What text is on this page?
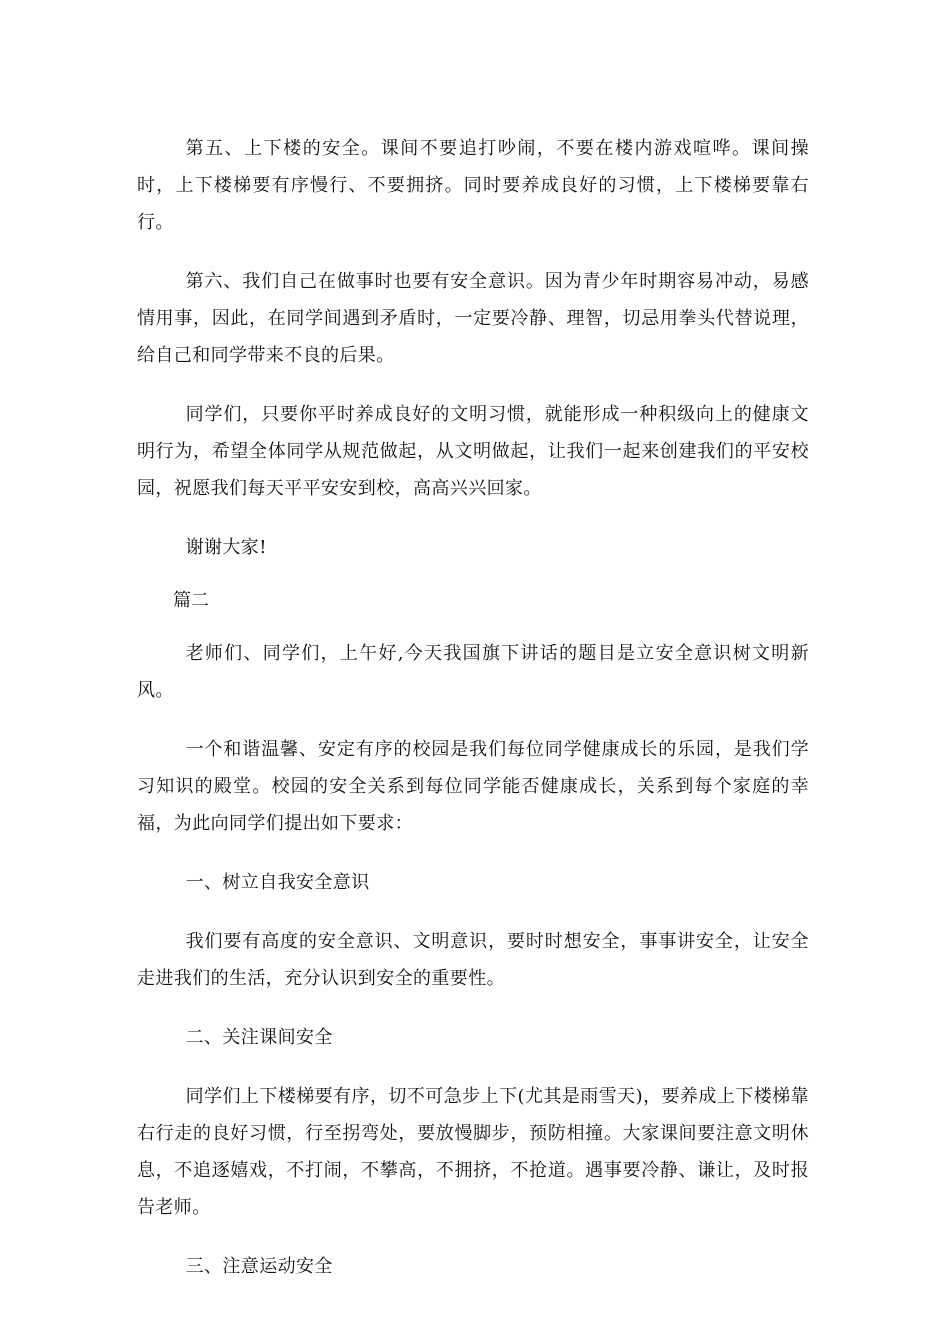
第五、上下楼的安全。课间不要追打吵闹，不要在楼内游戏喧哗。课间操时，上下楼梯要有序慢行、不要拥挤。同时要养成良好的习惯，上下楼梯要靠右行。

第六、我们自己在做事时也要有安全意识。因为青少年时期容易冲动，易感情用事，因此，在同学间遇到矛盾时，一定要冷静、理智，切忌用拳头代替说理，给自己和同学带来不良的后果。

同学们，只要你平时养成良好的文明习惯，就能形成一种积级向上的健康文明行为，希望全体同学从规范做起，从文明做起，让我们一起来创建我们的平安校园，祝愿我们每天平平安安到校，高高兴兴回家。

谢谢大家!

篇二

老师们、同学们，上午好,今天我国旗下讲话的题目是立安全意识树文明新风。

一个和谐温馨、安定有序的校园是我们每位同学健康成长的乐园，是我们学习知识的殿堂。校园的安全关系到每位同学能否健康成长，关系到每个家庭的幸福，为此向同学们提出如下要求：

一、树立自我安全意识

我们要有高度的安全意识、文明意识，要时时想安全，事事讲安全，让安全走进我们的生活，充分认识到安全的重要性。

二、关注课间安全

同学们上下楼梯要有序，切不可急步上下(尤其是雨雪天)，要养成上下楼梯靠右行走的良好习惯，行至拐弯处，要放慢脚步，预防相撞。大家课间要注意文明休息，不追逐嬉戏，不打闹，不攀高，不拥挤，不抢道。遇事要冷静、谦让，及时报告老师。

三、注意运动安全
